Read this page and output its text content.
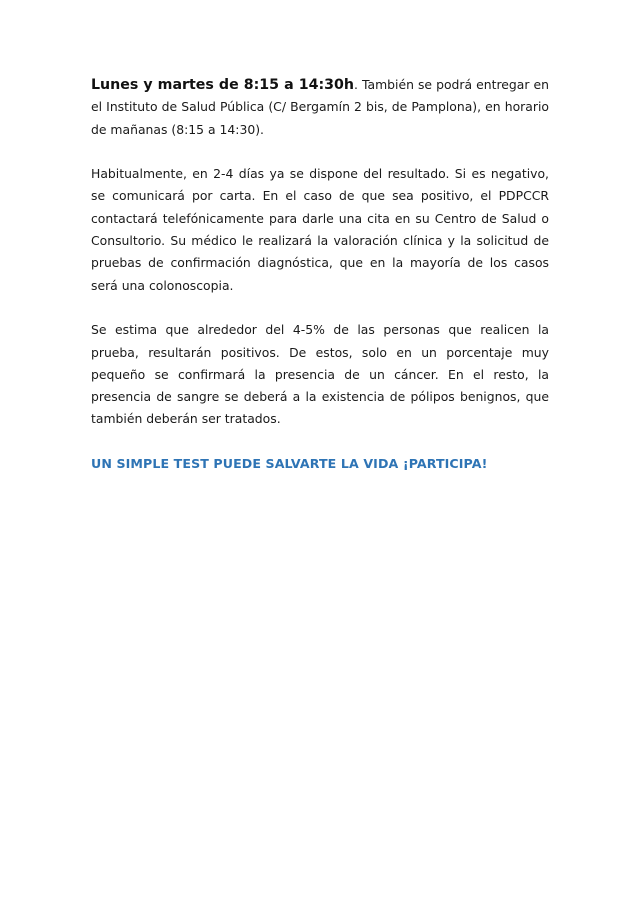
Lunes y martes de 8:15 a 14:30h. También se podrá entregar en el Instituto de Salud Pública (C/ Bergamín 2 bis, de Pamplona), en horario de mañanas (8:15 a 14:30).

Habitualmente, en 2-4 días ya se dispone del resultado. Si es negativo, se comunicará por carta. En el caso de que sea positivo, el PDPCCR contactará telefónicamente para darle una cita en su Centro de Salud o Consultorio. Su médico le realizará la valoración clínica y la solicitud de pruebas de confirmación diagnóstica, que en la mayoría de los casos será una colonoscopia.

Se estima que alrededor del 4-5% de las personas que realicen la prueba, resultarán positivos. De estos, solo en un porcentaje muy pequeño se confirmará la presencia de un cáncer. En el resto, la presencia de sangre se deberá a la existencia de pólipos benignos, que también deberán ser tratados.

UN SIMPLE TEST PUEDE SALVARTE LA VIDA ¡PARTICIPA!
